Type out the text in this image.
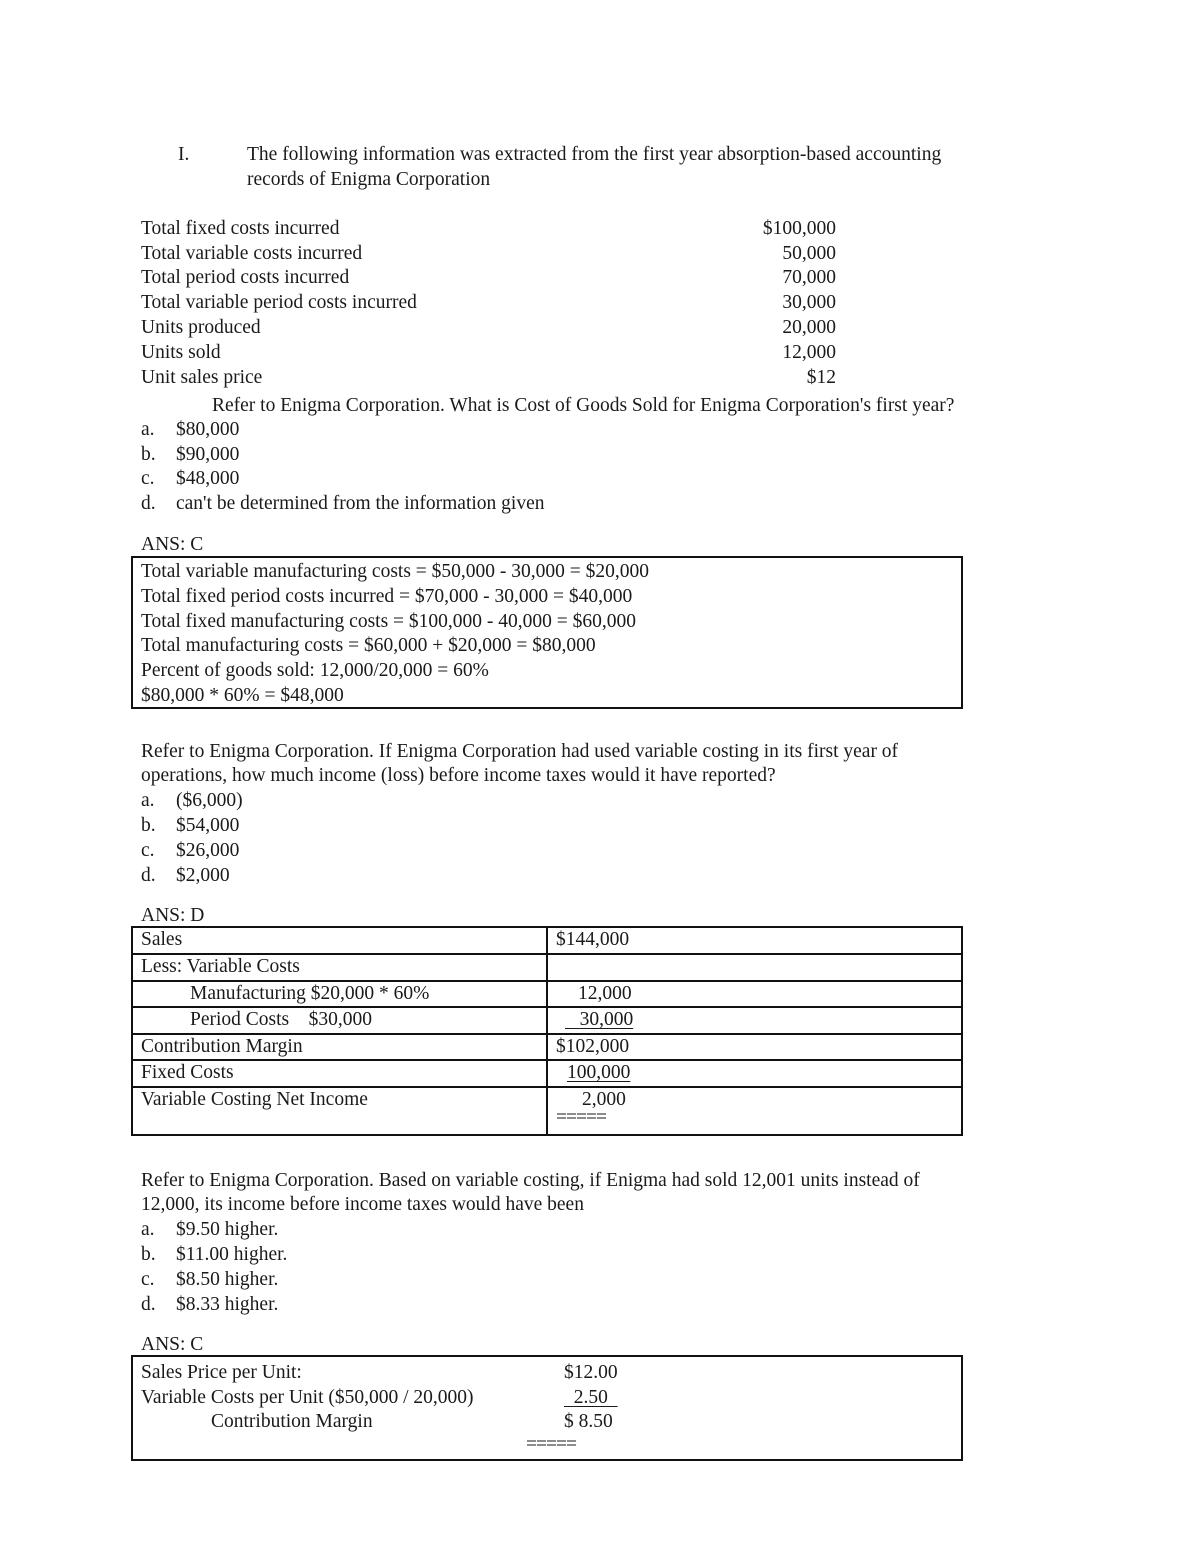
I.	The following information was extracted from the first year absorption-based accounting
records of Enigma Corporation
Total fixed costs incurred	$100,000
Total variable costs incurred	50,000
Total period costs incurred	70,000
Total variable period costs incurred	30,000
Units produced	20,000
Units sold	12,000
Unit sales price	$12
Refer to Enigma Corporation. What is Cost of Goods Sold for Enigma Corporation's first year?
a. $80,000
b. $90,000
c. $48,000
d. can't be determined from the information given
ANS: C
Total variable manufacturing costs = $50,000 - 30,000 = $20,000
Total fixed period costs incurred = $70,000 - 30,000 = $40,000
Total fixed manufacturing costs = $100,000 - 40,000 = $60,000
Total manufacturing costs = $60,000 + $20,000 = $80,000
Percent of goods sold: 12,000/20,000 = 60%
$80,000 * 60% = $48,000
Refer to Enigma Corporation. If Enigma Corporation had used variable costing in its first year of
operations, how much income (loss) before income taxes would it have reported?
a. ($6,000)
b. $54,000
c. $26,000
d. $2,000
ANS: D
Sales	$144,000
Less: Variable Costs	
Manufacturing $20,000 * 60%	12,000
Period Costs    $30,000	30,000
Contribution Margin	$102,000
Fixed Costs	100,000
Variable Costing Net Income	2,000
=====
Refer to Enigma Corporation. Based on variable costing, if Enigma had sold 12,001 units instead of
12,000, its income before income taxes would have been
a. $9.50 higher.
b. $11.00 higher.
c. $8.50 higher.
d. $8.33 higher.
ANS: C
Sales Price per Unit:	$12.00
Variable Costs per Unit ($50,000 / 20,000)	2.50
Contribution Margin	$ 8.50
=====
